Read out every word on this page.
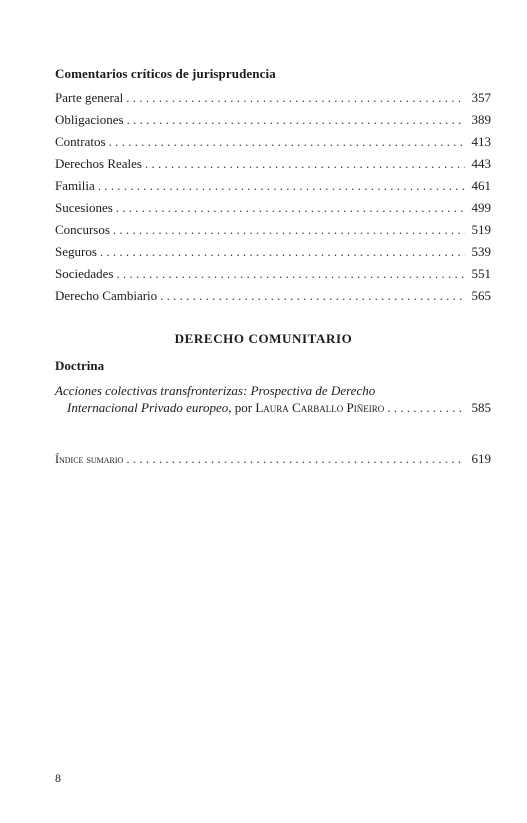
Comentarios críticos de jurisprudencia
Parte general . . .	357
Obligaciones . . .	389
Contratos . . .	413
Derechos Reales . . .	443
Familia . . .	461
Sucesiones . . .	499
Concursos . . .	519
Seguros . . .	539
Sociedades . . .	551
Derecho Cambiario . . .	565
DERECHO COMUNITARIO
Doctrina
Acciones colectivas transfronterizas: Prospectiva de Derecho
Internacional Privado europeo, por Laura Carballo Piñeiro . . .	585
Índice sumario . . .	619
8
